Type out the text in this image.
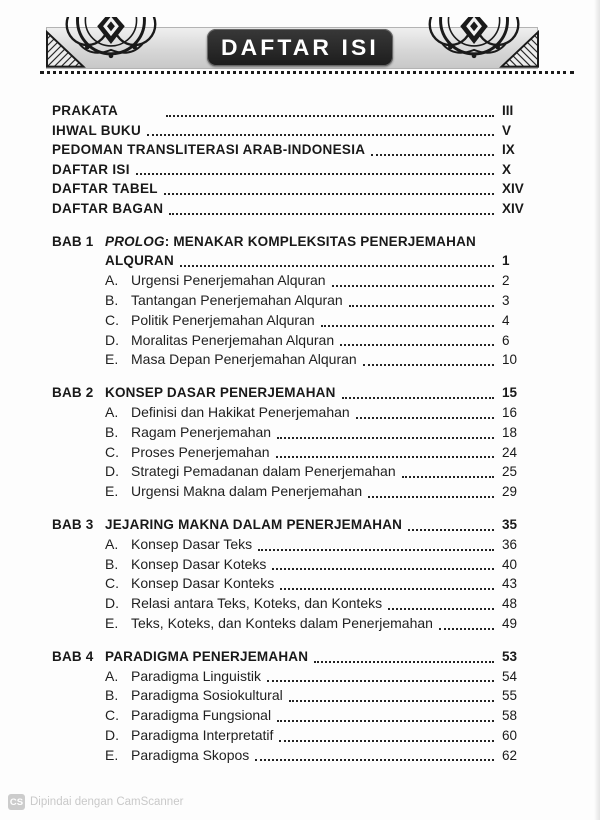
DAFTAR ISI
PRAKATA	III
IHWAL BUKU	V
PEDOMAN TRANSLITERASI ARAB-INDONESIA	IX
DAFTAR ISI	X
DAFTAR TABEL	XIV
DAFTAR BAGAN	XIV
BAB 1 PROLOG: MENAKAR KOMPLEKSITAS PENERJEMAHAN
ALQURAN	1
A. Urgensi Penerjemahan Alquran	2
B. Tantangan Penerjemahan Alquran	3
C. Politik Penerjemahan Alquran	4
D. Moralitas Penerjemahan Alquran	6
E. Masa Depan Penerjemahan Alquran	10
BAB 2 KONSEP DASAR PENERJEMAHAN	15
A. Definisi dan Hakikat Penerjemahan	16
B. Ragam Penerjemahan	18
C. Proses Penerjemahan	24
D. Strategi Pemadanan dalam Penerjemahan	25
E. Urgensi Makna dalam Penerjemahan	29
BAB 3 JEJARING MAKNA DALAM PENERJEMAHAN	35
A. Konsep Dasar Teks	36
B. Konsep Dasar Koteks	40
C. Konsep Dasar Konteks	43
D. Relasi antara Teks, Koteks, dan Konteks	48
E. Teks, Koteks, dan Konteks dalam Penerjemahan	49
BAB 4 PARADIGMA PENERJEMAHAN	53
A. Paradigma Linguistik	54
B. Paradigma Sosiokultural	55
C. Paradigma Fungsional	58
D. Paradigma Interpretatif	60
E. Paradigma Skopos	62
CS Dipindai dengan CamScanner
